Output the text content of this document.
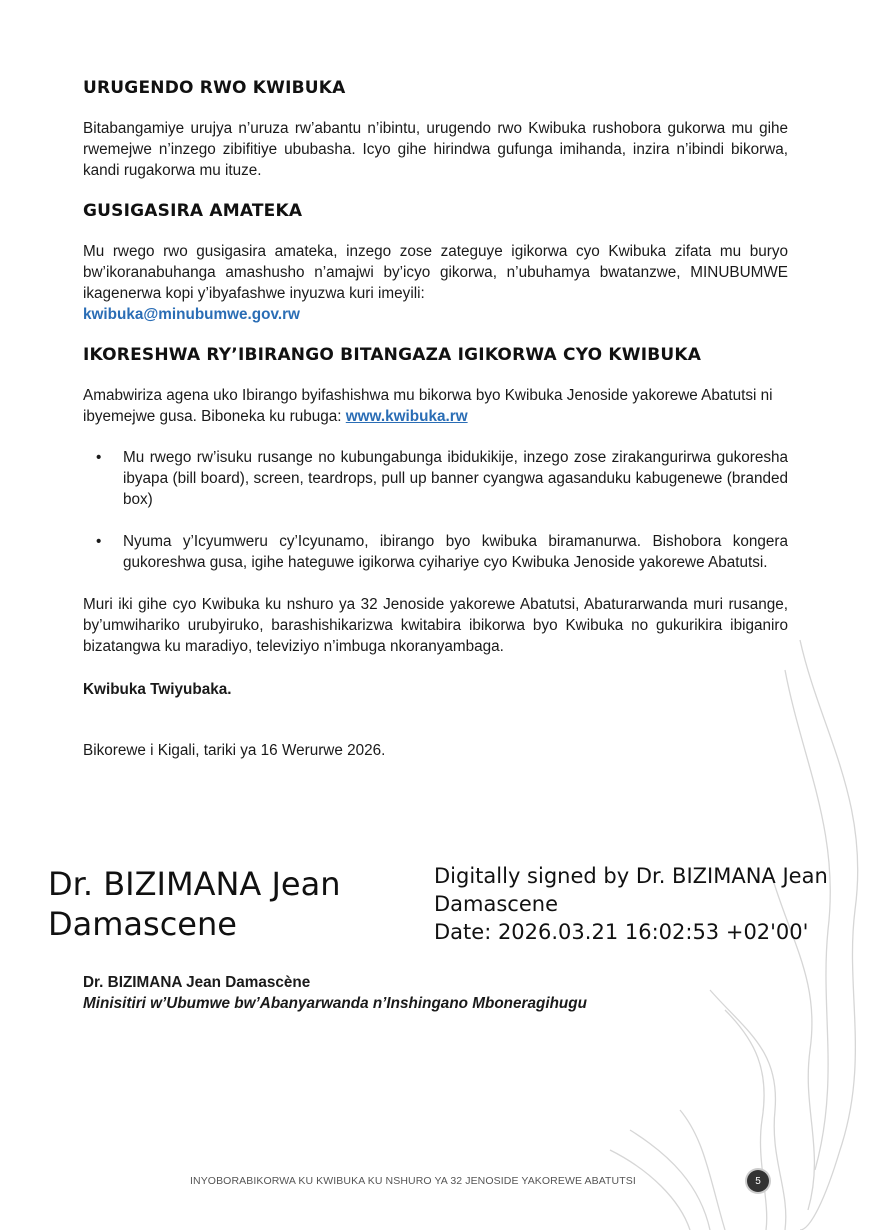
URUGENDO RWO KWIBUKA

Bitabangamiye urujya n’uruza rw’abantu n’ibintu, urugendo rwo Kwibuka rushobora gukorwa mu gihe rwemejwe n’inzego zibifitiye ububasha. Icyo gihe hirindwa gufunga imihanda, inzira n’ibindi bikorwa, kandi rugakorwa mu ituze.

GUSIGASIRA AMATEKA

Mu rwego rwo gusigasira amateka, inzego zose zateguye igikorwa cyo Kwibuka zifata mu buryo bw’ikoranabuhanga amashusho n’amajwi by’icyo gikorwa, n’ubuhamya bwatanzwe, MINUBUMWE ikagenerwa kopi y’ibyafashwe inyuzwa kuri imeyili:

kwibuka@minubumwe.gov.rw

IKORESHWA RY’IBIRANGO BITANGAZA IGIKORWA CYO KWIBUKA

Amabwiriza agena uko Ibirango byifashishwa mu bikorwa byo Kwibuka Jenoside yakorewe Abatutsi ni ibyemejwe gusa. Biboneka ku rubuga: www.kwibuka.rw

• Mu rwego rw’isuku rusange no kubungabunga ibidukikije, inzego zose zirakangurirwa gukoresha ibyapa (bill board), screen, teardrops, pull up banner cyangwa agasanduku kabugenewe (branded box)
• Nyuma y’Icyumweru cy’Icyunamo, ibirango byo kwibuka biramanurwa. Bishobora kongera gukoreshwa gusa, igihe hateguwe igikorwa cyihariye cyo Kwibuka Jenoside yakorewe Abatutsi.

Muri iki gihe cyo Kwibuka ku nshuro ya 32 Jenoside yakorewe Abatutsi, Abaturarwanda muri rusange, by’umwihariko urubyiruko, barashishikarizwa kwitabira ibikorwa byo Kwibuka no gukurikira ibiganiro bizatangwa ku maradiyo, televiziyo n’imbuga nkoranyambaga.

Kwibuka Twiyubaka.

Bikorewe i Kigali, tariki ya 16 Werurwe 2026.

Dr. BIZIMANA Jean
Damascene
Digitally signed by Dr. BIZIMANA Jean
Damascene
Date: 2026.03.21 16:02:53 +02'00'
Dr. BIZIMANA Jean Damascène
Minisitiri w’Ubumwe bw’Abanyarwanda n’Inshingano Mboneragihugu
INYOBORABIKORWA KU KWIBUKA KU NSHURO YA 32 JENOSIDE YAKOREWE ABATUTSI	5
